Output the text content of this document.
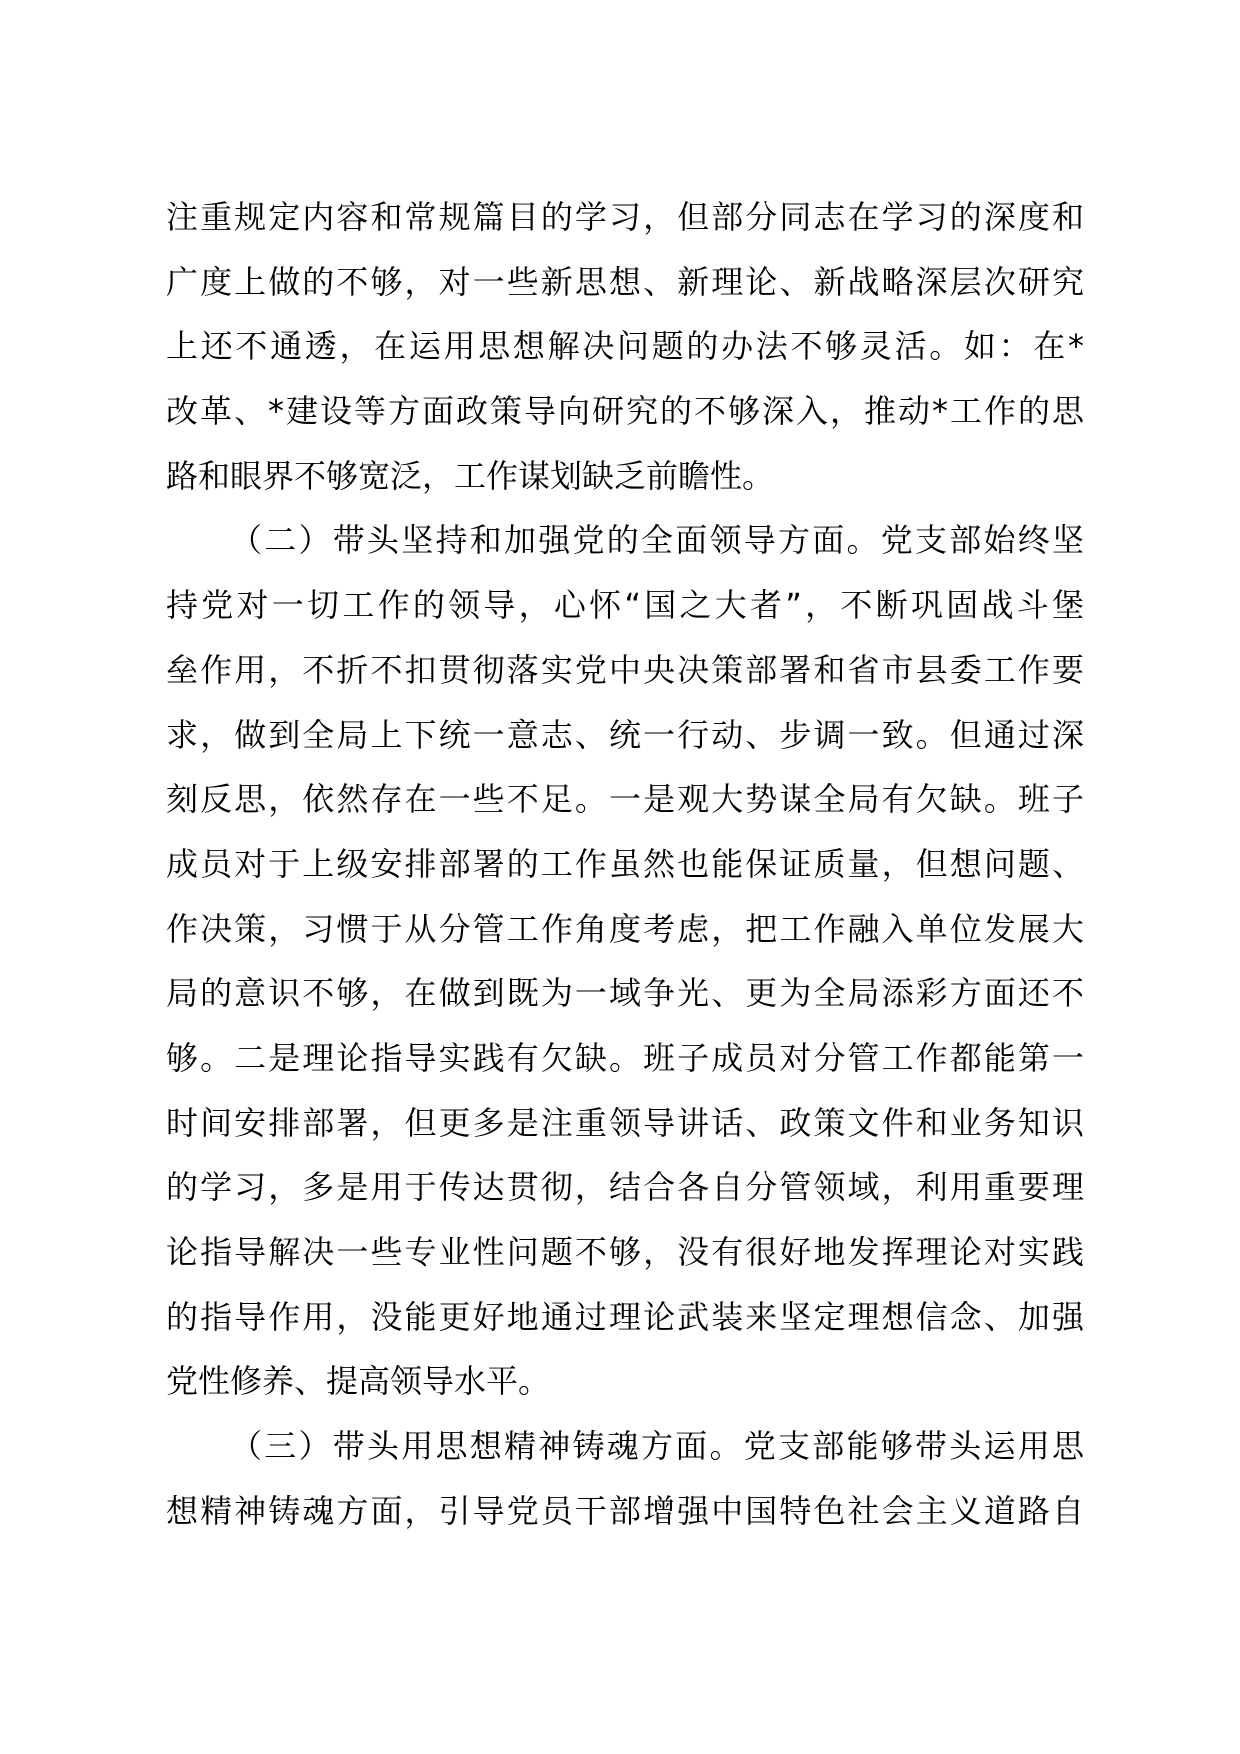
注重规定内容和常规篇目的学习，但部分同志在学习的深度和
广度上做的不够，对一些新思想、新理论、新战略深层次研究
上还不通透，在运用思想解决问题的办法不够灵活。如：在*
改革、*建设等方面政策导向研究的不够深入，推动*工作的思
路和眼界不够宽泛，工作谋划缺乏前瞻性。
（二）带头坚持和加强党的全面领导方面。党支部始终坚
持党对一切工作的领导，心怀“国之大者”，不断巩固战斗堡
垒作用，不折不扣贯彻落实党中央决策部署和省市县委工作要
求，做到全局上下统一意志、统一行动、步调一致。但通过深
刻反思，依然存在一些不足。一是观大势谋全局有欠缺。班子
成员对于上级安排部署的工作虽然也能保证质量，但想问题、
作决策，习惯于从分管工作角度考虑，把工作融入单位发展大
局的意识不够，在做到既为一域争光、更为全局添彩方面还不
够。二是理论指导实践有欠缺。班子成员对分管工作都能第一
时间安排部署，但更多是注重领导讲话、政策文件和业务知识
的学习，多是用于传达贯彻，结合各自分管领域，利用重要理
论指导解决一些专业性问题不够，没有很好地发挥理论对实践
的指导作用，没能更好地通过理论武装来坚定理想信念、加强
党性修养、提高领导水平。
（三）带头用思想精神铸魂方面。党支部能够带头运用思
想精神铸魂方面，引导党员干部增强中国特色社会主义道路自
